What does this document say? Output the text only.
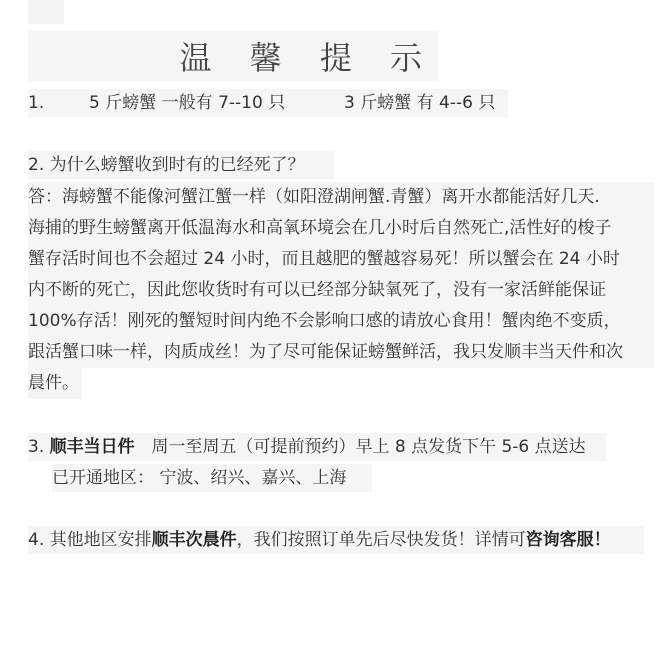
温 馨 提 示
1.	5 斤螃蟹 一般有 7--10 只	3 斤螃蟹 有 4--6 只
2. 为什么螃蟹收到时有的已经死了？
答：海螃蟹不能像河蟹江蟹一样（如阳澄湖闸蟹.青蟹）离开水都能活好几天.
海捕的野生螃蟹离开低温海水和高氧环境会在几小时后自然死亡,活性好的梭子
蟹存活时间也不会超过 24 小时，而且越肥的蟹越容易死！所以蟹会在 24 小时
内不断的死亡，因此您收货时有可以已经部分缺氧死了，没有一家活鲜能保证
100%存活！刚死的蟹短时间内绝不会影响口感的请放心食用！蟹肉绝不变质，
跟活蟹口味一样，肉质成丝！为了尽可能保证螃蟹鲜活，我只发顺丰当天件和次
晨件。
3. 顺丰当日件 周一至周五（可提前预约）早上 8 点发货下午 5-6 点送达
已开通地区： 宁波、绍兴、嘉兴、上海
4. 其他地区安排顺丰次晨件，我们按照订单先后尽快发货！详情可咨询客服！
